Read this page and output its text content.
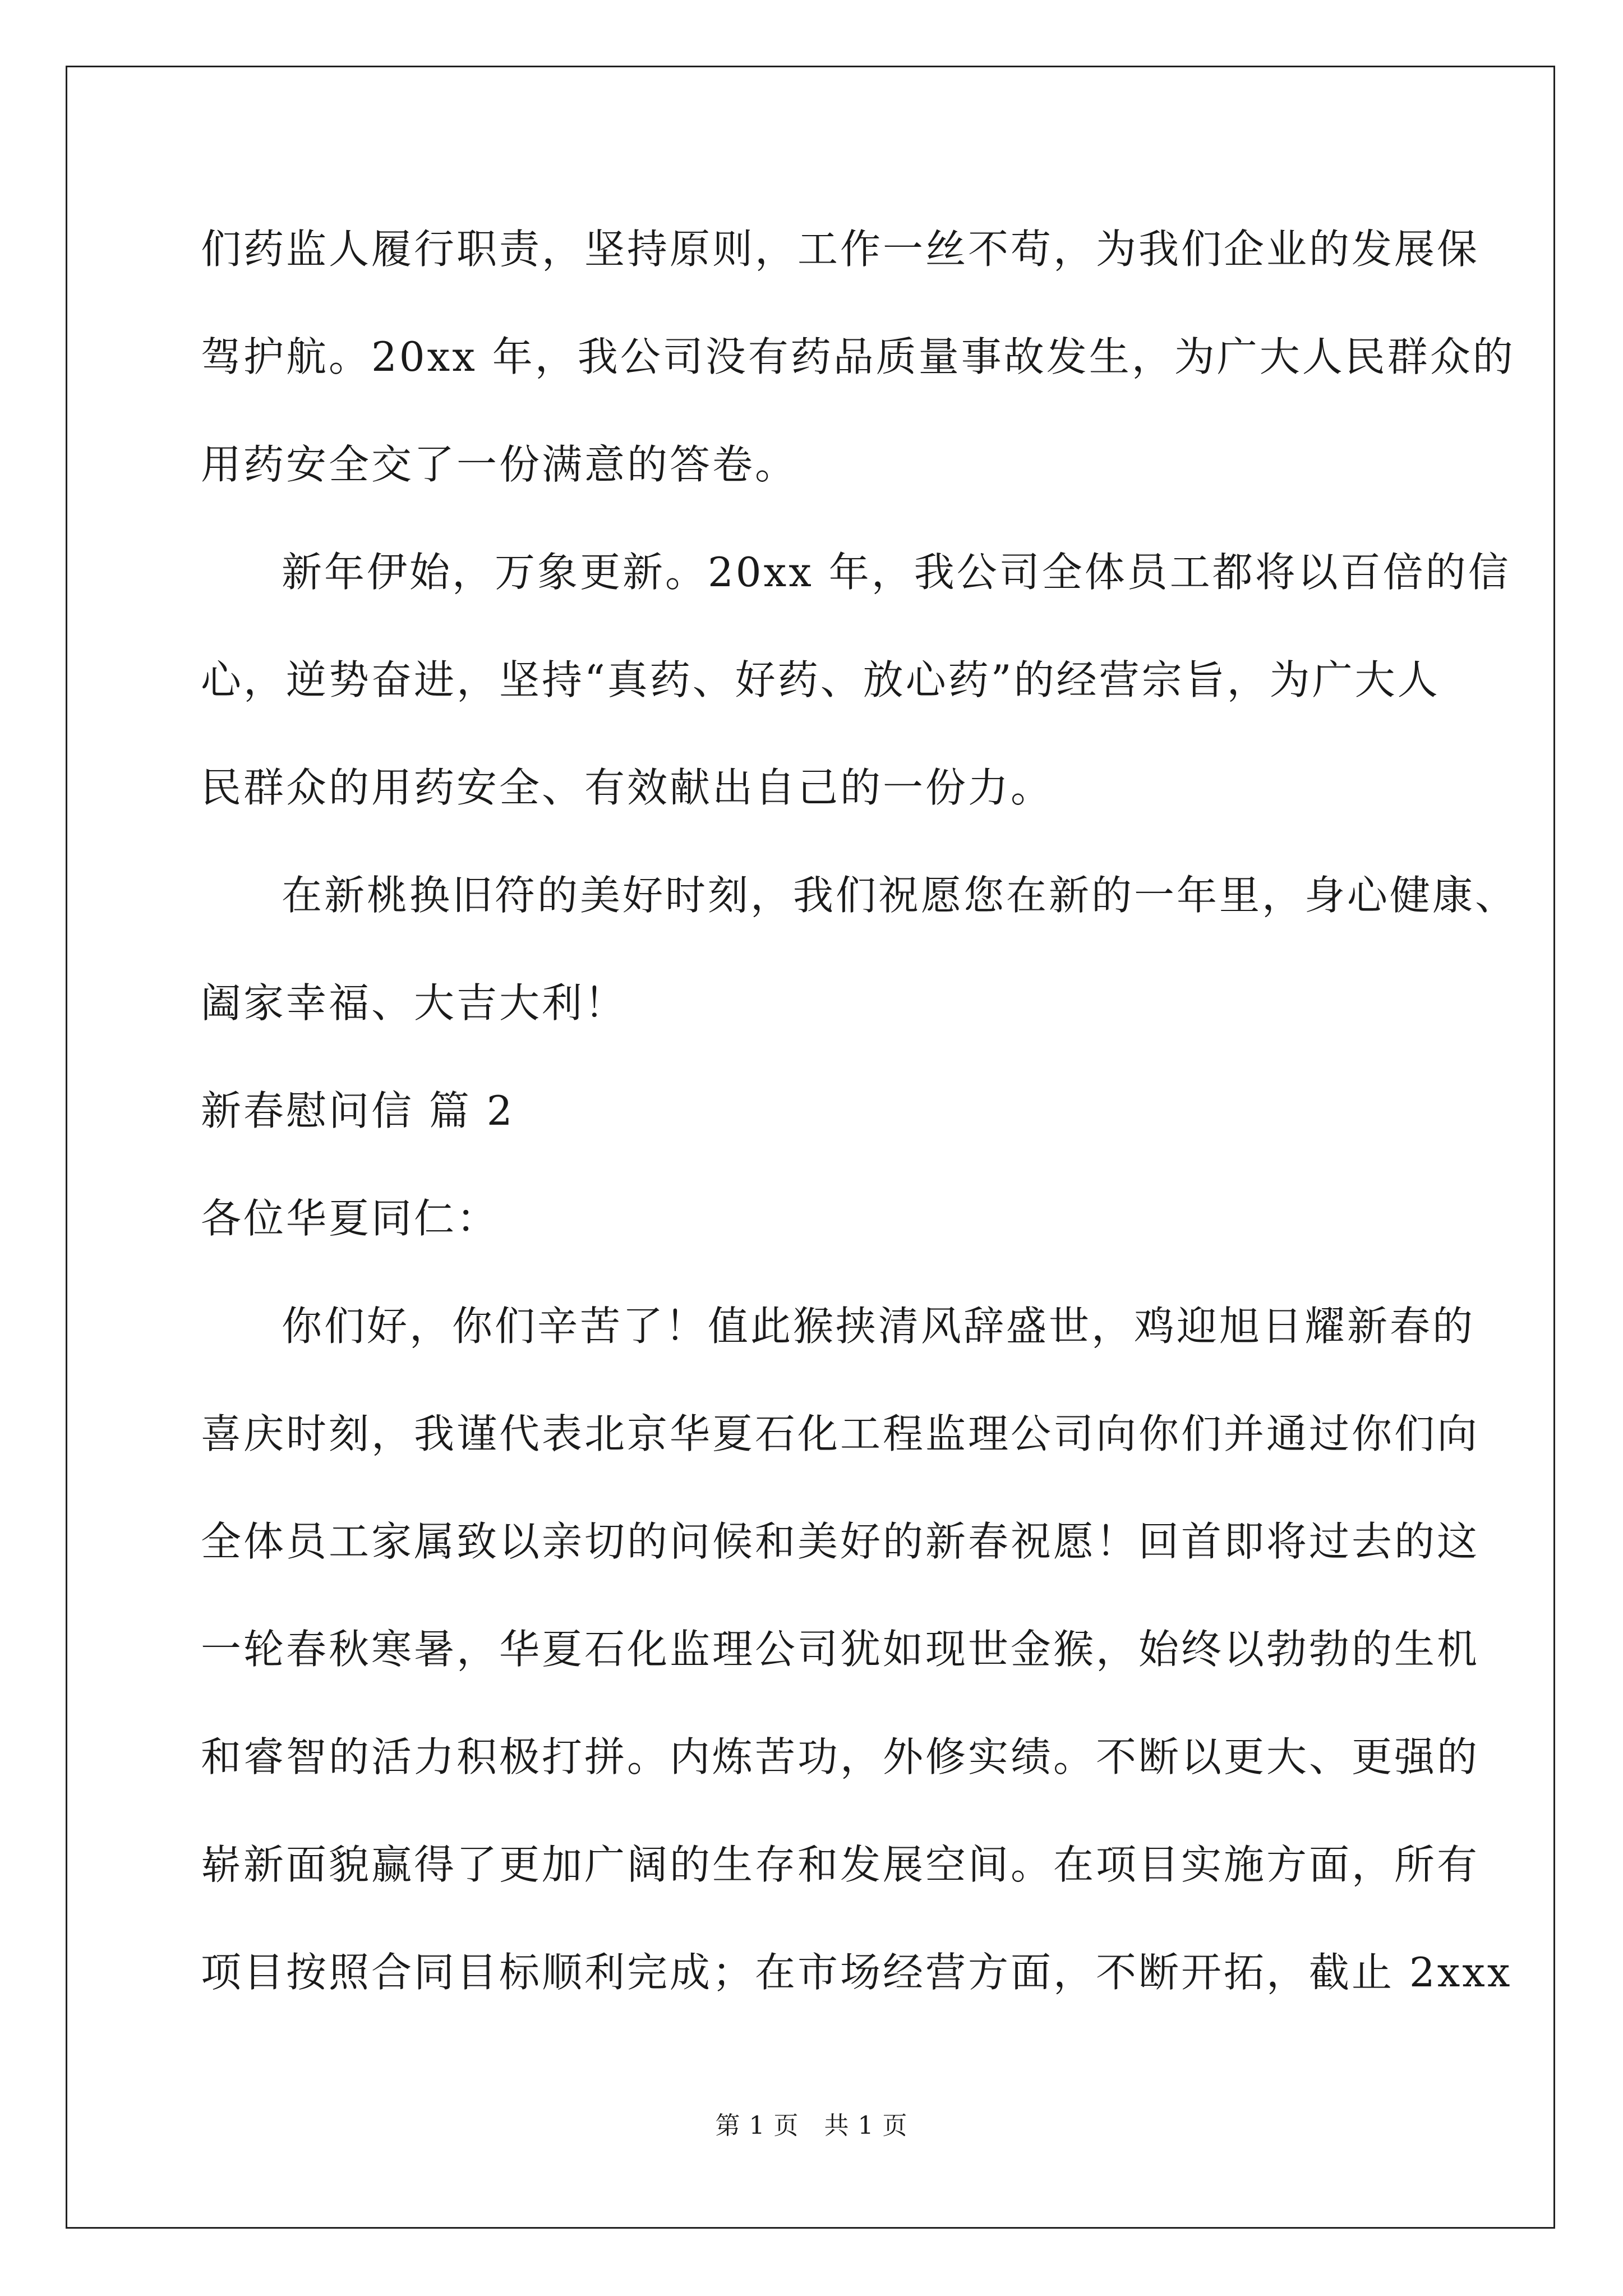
们药监人履行职责，坚持原则，工作一丝不苟，为我们企业的发展保
驾护航。20xx 年，我公司没有药品质量事故发生，为广大人民群众的
用药安全交了一份满意的答卷。
新年伊始，万象更新。20xx 年，我公司全体员工都将以百倍的信
心，逆势奋进，坚持“真药、好药、放心药”的经营宗旨，为广大人
民群众的用药安全、有效献出自己的一份力。
在新桃换旧符的美好时刻，我们祝愿您在新的一年里，身心健康、
阖家幸福、大吉大利！
新春慰问信 篇 2
各位华夏同仁：
你们好，你们辛苦了！值此猴挟清风辞盛世，鸡迎旭日耀新春的
喜庆时刻，我谨代表北京华夏石化工程监理公司向你们并通过你们向
全体员工家属致以亲切的问候和美好的新春祝愿！回首即将过去的这
一轮春秋寒暑，华夏石化监理公司犹如现世金猴，始终以勃勃的生机
和睿智的活力积极打拼。内炼苦功，外修实绩。不断以更大、更强的
崭新面貌赢得了更加广阔的生存和发展空间。在项目实施方面，所有
项目按照合同目标顺利完成；在市场经营方面，不断开拓，截止 2xxx
第 1 页　共 1 页
